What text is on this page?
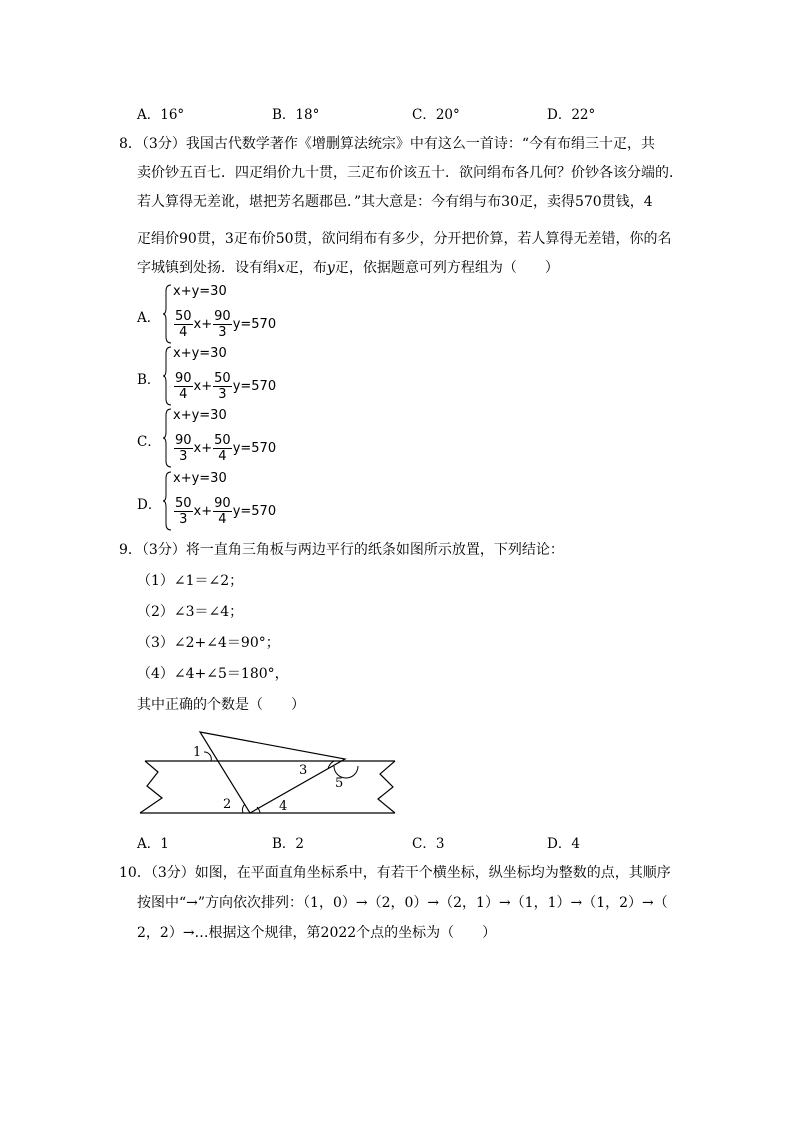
A．16°	B．18°	C．20°	D．22°
8．（3分）我国古代数学著作《增删算法统宗》中有这么一首诗：“今有布绢三十疋，共
卖价钞五百七．四疋绢价九十贯，三疋布价该五十．欲问绢布各几何？价钞各该分端的．
若人算得无差讹，堪把芳名题郡邑．”其大意是：今有绢与布30疋，卖得570贯钱，4
疋绢价90贯，3疋布价50贯，欲问绢布有多少，分开把价算，若人算得无差错，你的名
字城镇到处扬．设有绢x疋，布y疋，依据题意可列方程组为（　　）
A．
x+y=30
$\frac{50}{4} x+ \frac{90}{3} y=570$
B．
x+y=30
$\frac{90}{4} x+ \frac{50}{3} y=570$
C．
x+y=30
$\frac{90}{3} x+ \frac{50}{4} y=570$
D．
x+y=30
$\frac{50}{3} x+ \frac{90}{4} y=570$
9．（3分）将一直角三角板与两边平行的纸条如图所示放置，下列结论：
（1）∠1＝∠2；
（2）∠3＝∠4；
（3）∠2+∠4＝90°；
（4）∠4+∠5＝180°，
其中正确的个数是（　　）
1
2
3
4
5
A．1	B．2	C．3	D．4
10．（3分）如图，在平面直角坐标系中，有若干个横坐标，纵坐标均为整数的点，其顺序
按图中“→”方向依次排列：（1，0）→（2，0）→（2，1）→（1，1）→（1，2）→（
2，2）→…根据这个规律，第2022个点的坐标为（　　）
